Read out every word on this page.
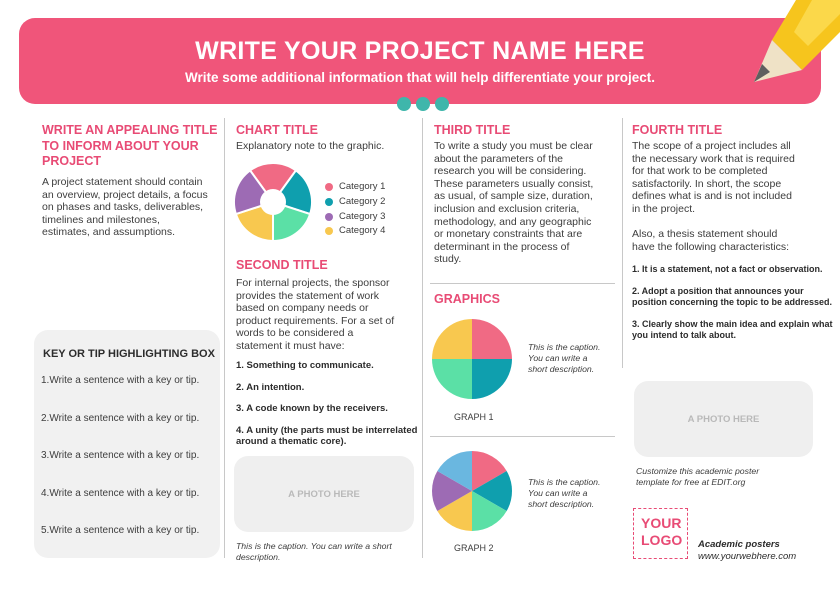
WRITE YOUR PROJECT NAME HERE
Write some additional information that will help differentiate your project.
WRITE AN APPEALING TITLE
TO INFORM ABOUT YOUR
PROJECT
A project statement should contain
an overview, project details, a focus
on phases and tasks, deliverables,
timelines and milestones,
estimates, and assumptions.
KEY OR TIP HIGHLIGHTING BOX
1.Write a sentence with a key or tip.
2.Write a sentence with a key or tip.
3.Write a sentence with a key or tip.
4.Write a sentence with a key or tip.
5.Write a sentence with a key or tip.
CHART TITLE
Explanatory note to the graphic.
Category 1
Category 2
Category 3
Category 4
SECOND TITLE
For internal projects, the sponsor
provides the statement of work
based on company needs or
product requirements. For a set of
words to be considered a
statement it must have:

1. Something to communicate.

2. An intention.

3. A code known by the receivers.

4. A unity (the parts must be interrelated
around a thematic core).

A PHOTO HERE
This is the caption. You can write a short
description.
THIRD TITLE
To write a study you must be clear
about the parameters of the
research you will be considering.
These parameters usually consist,
as usual, of sample size, duration,
inclusion and exclusion criteria,
methodology, and any geographic
or monetary constraints that are
determinant in the process of
study.
GRAPHICS
GRAPH 1
This is the caption.
You can write a
short description.
GRAPH 2
This is the caption.
You can write a
short description.
FOURTH TITLE
The scope of a project includes all
the necessary work that is required
for that work to be completed
satisfactorily. In short, the scope
defines what is and is not included
in the project.
Also, a thesis statement should
have the following characteristics:

1. It is a statement, not a fact or observation.

2. Adopt a position that announces your
position concerning the topic to be addressed.

3. Clearly show the main idea and explain what
you intend to talk about.

A PHOTO HERE
Customize this academic poster
template for free at EDIT.org
YOUR
LOGO	Academic posters
www.yourwebhere.com
